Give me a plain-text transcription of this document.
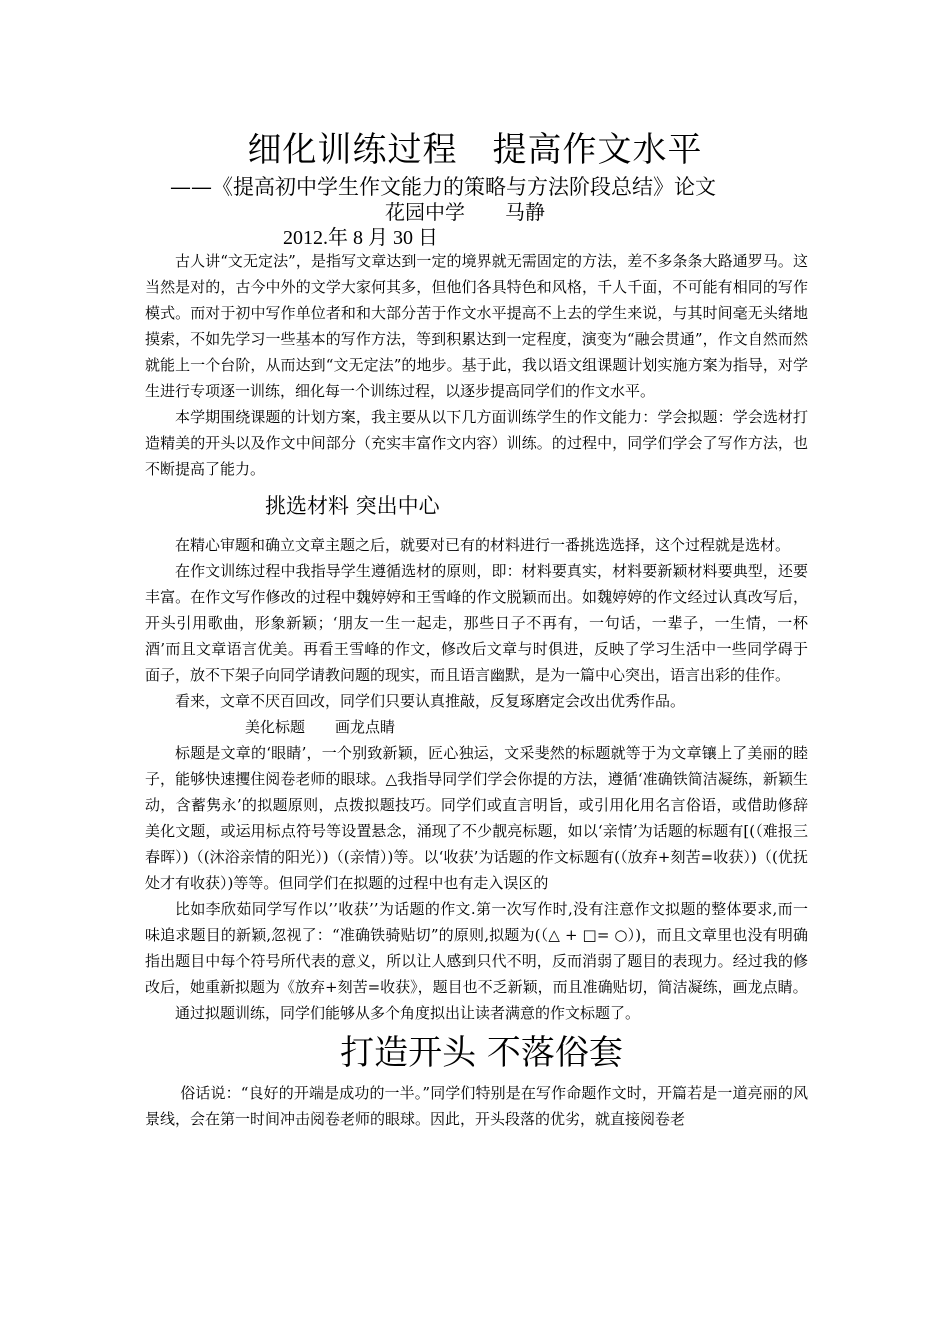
细化训练过程　提高作文水平
——《提高初中学生作文能力的策略与方法阶段总结》论文
花园中学　　马静
2012.年 8 月 30 日

古人讲“文无定法”，是指写文章达到一定的境界就无需固定的方法，差不多条条大路通罗马。这当然是对的，古今中外的文学大家何其多，但他们各具特色和风格，千人千面，不可能有相同的写作模式。而对于初中写作单位者和和大部分苦于作文水平提高不上去的学生来说，与其时间毫无头绪地摸索，不如先学习一些基本的写作方法，等到积累达到一定程度，演变为“融会贯通”，作文自然而然就能上一个台阶，从而达到“文无定法”的地步。基于此，我以语文组课题计划实施方案为指导，对学生进行专项逐一训练，细化每一个训练过程，以逐步提高同学们的作文水平。

本学期围绕课题的计划方案，我主要从以下几方面训练学生的作文能力：学会拟题：学会选材打造精美的开头以及作文中间部分（充实丰富作文内容）训练。的过程中，同学们学会了写作方法，也不断提高了能力。

挑选材料 突出中心

在精心审题和确立文章主题之后，就要对已有的材料进行一番挑选选择，这个过程就是选材。

在作文训练过程中我指导学生遵循选材的原则，即：材料要真实，材料要新颖材料要典型，还要丰富。在作文写作修改的过程中魏婷婷和王雪峰的作文脱颖而出。如魏婷婷的作文经过认真改写后，开头引用歌曲，形象新颖；‘朋友一生一起走，那些日子不再有，一句话，一辈子，一生情，一杯酒’而且文章语言优美。再看王雪峰的作文，修改后文章与时俱进，反映了学习生活中一些同学碍于面子，放不下架子向同学请教问题的现实，而且语言幽默，是为一篇中心突出，语言出彩的佳作。

看来，文章不厌百回改，同学们只要认真推敲，反复琢磨定会改出优秀作品。

美化标题　　画龙点睛

标题是文章的‘眼睛’，一个别致新颖，匠心独运，文采斐然的标题就等于为文章镶上了美丽的睦子，能够快速攫住阅卷老师的眼球。△我指导同学们学会你提的方法，遵循‘准确铁简洁凝练，新颖生动，含蓄隽永’的拟题原则，点拨拟题技巧。同学们或直言明旨，或引用化用名言俗语，或借助修辞美化文题，或运用标点符号等设置悬念，涌现了不少靓亮标题，如以‘亲情’为话题的标题有[(（难报三春晖）)（(沐浴亲情的阳光）)（(亲情）)等。以‘收获’为话题的作文标题有(（放弃+刻苦=收获）)（(优抚处才有收获）)等等。但同学们在拟题的过程中也有走入误区的

比如李欣茹同学写作以’’收获’’为话题的作文.第一次写作时,没有注意作文拟题的整体要求,而一味追求题目的新颖,忽视了：“准确铁骑贴切”的原则,拟题为(（△ + □= ○）)，而且文章里也没有明确指出题目中每个符号所代表的意义，所以让人感到只代不明，反而消弱了题目的表现力。经过我的修改后，她重新拟题为《放弃+刻苦=收获》，题目也不乏新颖，而且准确贴切，简洁凝练，画龙点睛。

通过拟题训练，同学们能够从多个角度拟出让读者满意的作文标题了。

打造开头 不落俗套

俗话说：“良好的开端是成功的一半。”同学们特别是在写作命题作文时，开篇若是一道亮丽的风景线，会在第一时间冲击阅卷老师的眼球。因此，开头段落的优劣，就直接阅卷老
